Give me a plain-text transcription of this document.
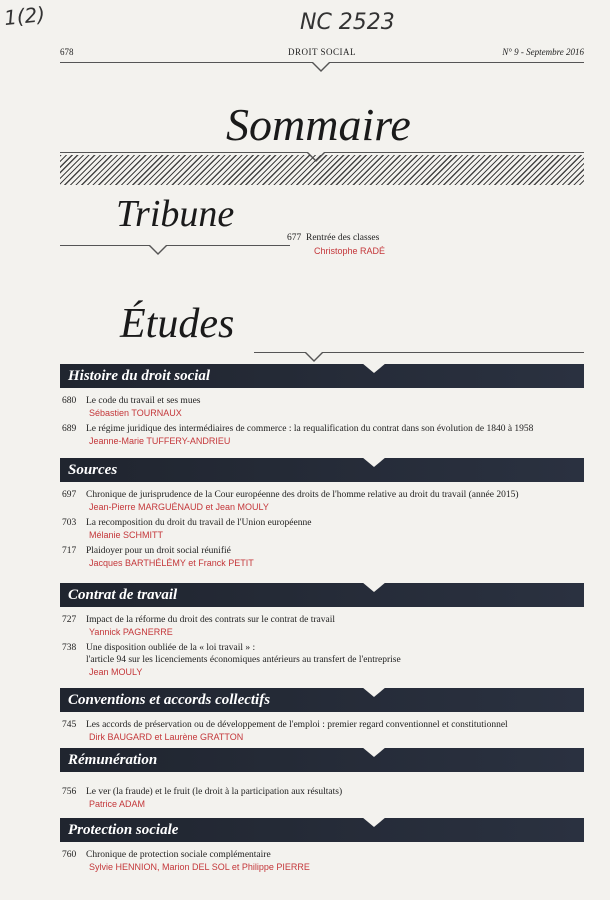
1(2)	NC 2523
678	DROIT SOCIAL	N° 9 - Septembre 2016
Sommaire
Tribune
677 Rentrée des classes
Christophe RADÉ
Études
Histoire du droit social
680 Le code du travail et ses mues
Sébastien TOURNAUX
689 Le régime juridique des intermédiaires de commerce : la requalification du contrat dans son évolution de 1840 à 1958
Jeanne-Marie TUFFERY-ANDRIEU
Sources
697 Chronique de jurisprudence de la Cour européenne des droits de l'homme relative au droit du travail (année 2015)
Jean-Pierre MARGUÉNAUD et Jean MOULY
703 La recomposition du droit du travail de l'Union européenne
Mélanie SCHMITT
717 Plaidoyer pour un droit social réunifié
Jacques BARTHÉLÉMY et Franck PETIT
Contrat de travail
727 Impact de la réforme du droit des contrats sur le contrat de travail
Yannick PAGNERRE
738 Une disposition oubliée de la « loi travail » :
l'article 94 sur les licenciements économiques antérieurs au transfert de l'entreprise
Jean MOULY
Conventions et accords collectifs
745 Les accords de préservation ou de développement de l'emploi : premier regard conventionnel et constitutionnel
Dirk BAUGARD et Laurène GRATTON
Rémunération
756 Le ver (la fraude) et le fruit (le droit à la participation aux résultats)
Patrice ADAM
Protection sociale
760 Chronique de protection sociale complémentaire
Sylvie HENNION, Marion DEL SOL et Philippe PIERRE
